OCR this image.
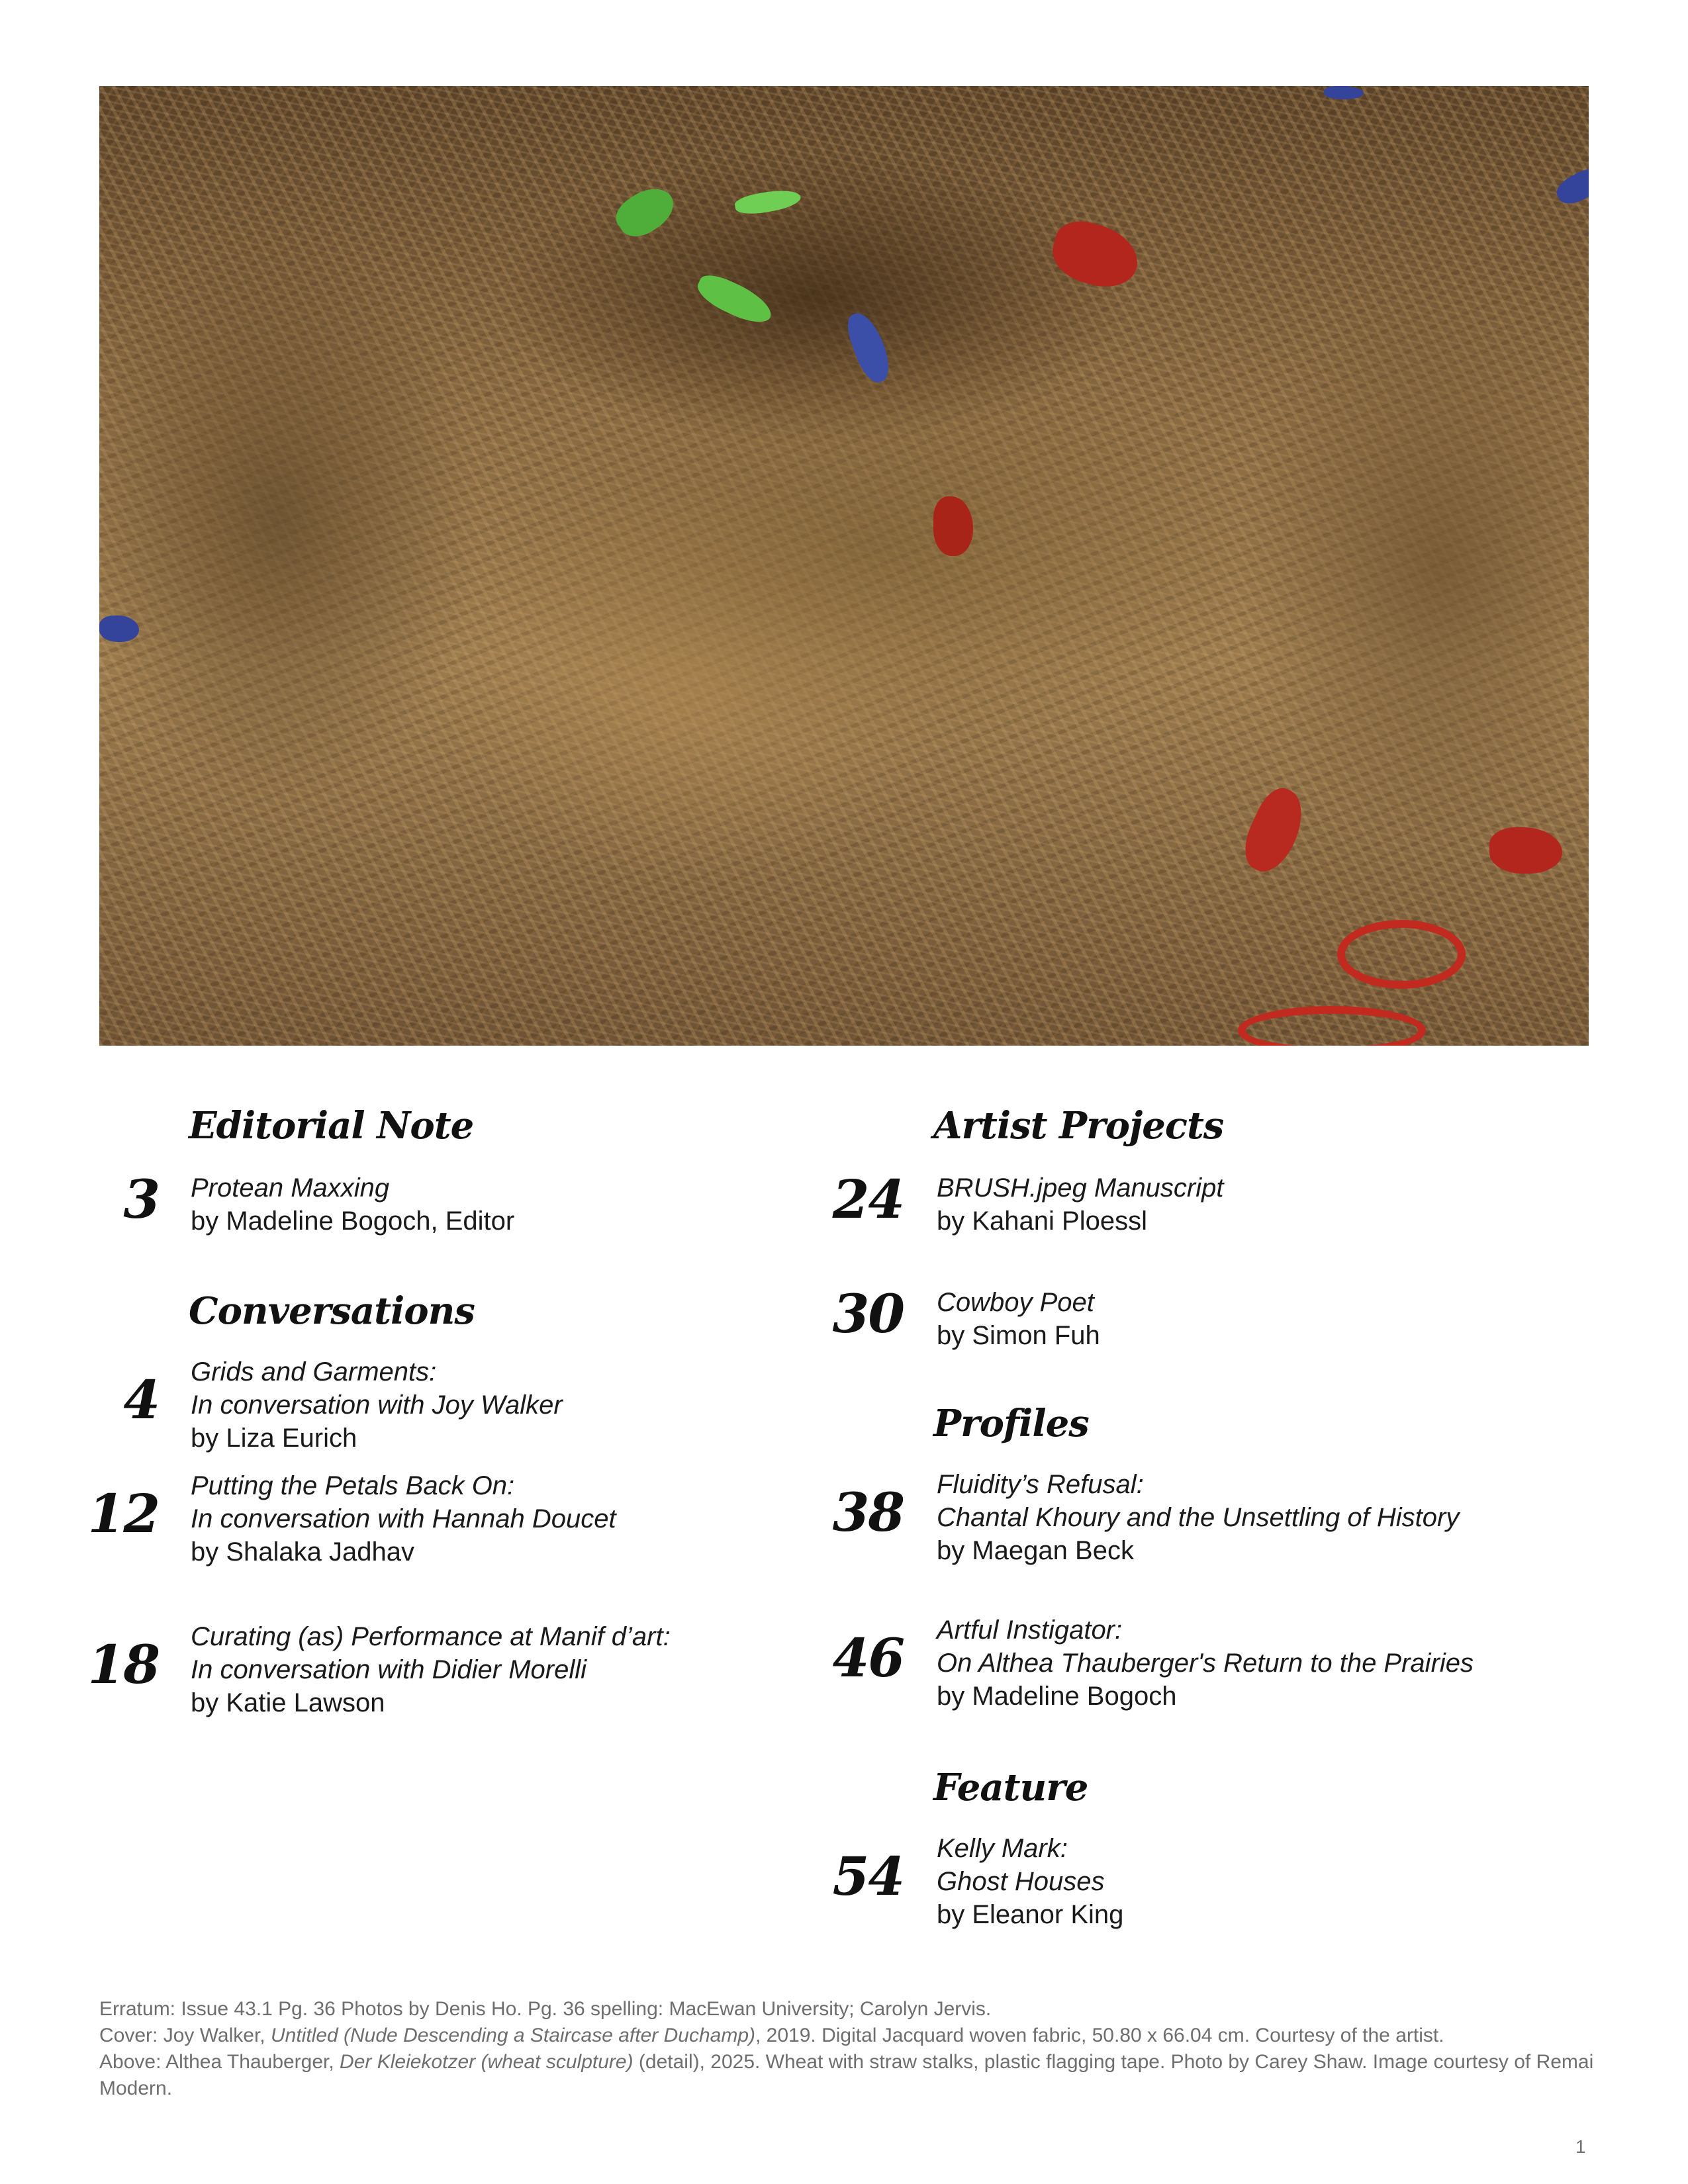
Editorial Note
3 Protean Maxxing
by Madeline Bogoch, Editor
Conversations
4 Grids and Garments:
In conversation with Joy Walker
by Liza Eurich
12 Putting the Petals Back On:
In conversation with Hannah Doucet
by Shalaka Jadhav
18 Curating (as) Performance at Manif d’art:
In conversation with Didier Morelli
by Katie Lawson
Artist Projects
24 BRUSH.jpeg Manuscript
by Kahani Ploessl
30 Cowboy Poet
by Simon Fuh
Profiles
38 Fluidity’s Refusal:
Chantal Khoury and the Unsettling of History
by Maegan Beck
46 Artful Instigator:
On Althea Thauberger's Return to the Prairies
by Madeline Bogoch
Feature
54 Kelly Mark:
Ghost Houses
by Eleanor King

Erratum: Issue 43.1 Pg. 36 Photos by Denis Ho. Pg. 36 spelling: MacEwan University; Carolyn Jervis.

Cover: Joy Walker, Untitled (Nude Descending a Staircase after Duchamp), 2019. Digital Jacquard woven fabric, 50.80 x 66.04 cm. Courtesy of the artist.

Above: Althea Thauberger, Der Kleiekotzer (wheat sculpture) (detail), 2025. Wheat with straw stalks, plastic flagging tape. Photo by Carey Shaw. Image courtesy of Remai Modern.

1
